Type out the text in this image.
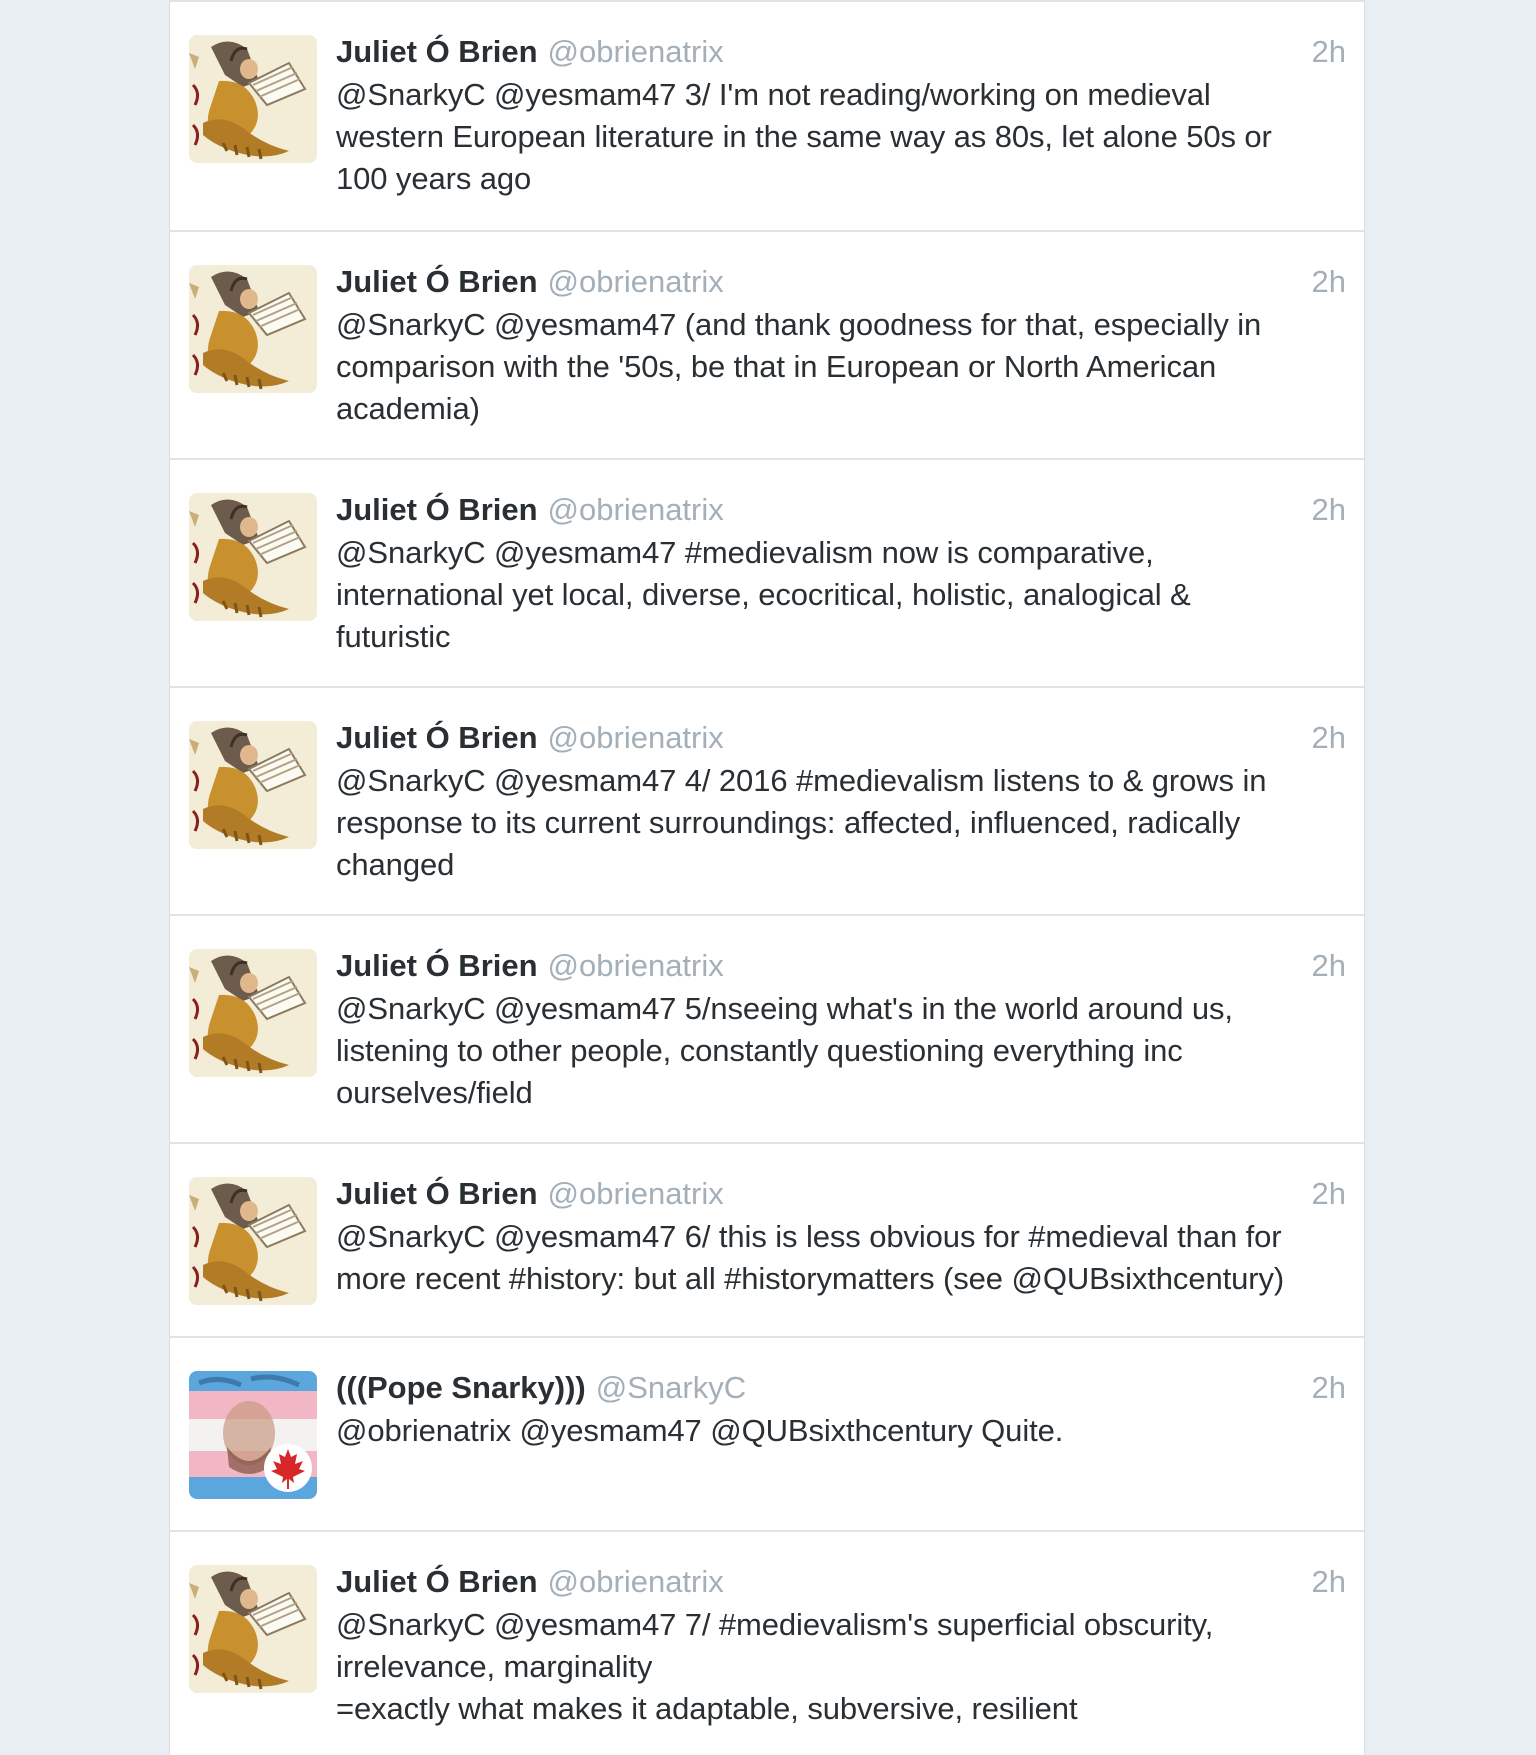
Juliet Ó Brien @obrienatrix	2h
@SnarkyC @yesmam47 3/ I'm not reading/working on medieval
western European literature in the same way as 80s, let alone 50s or
100 years ago
Juliet Ó Brien @obrienatrix	2h
@SnarkyC @yesmam47 (and thank goodness for that, especially in
comparison with the '50s, be that in European or North American
academia)
Juliet Ó Brien @obrienatrix	2h
@SnarkyC @yesmam47 #medievalism now is comparative,
international yet local, diverse, ecocritical, holistic, analogical &
futuristic
Juliet Ó Brien @obrienatrix	2h
@SnarkyC @yesmam47 4/ 2016 #medievalism listens to & grows in
response to its current surroundings: affected, influenced, radically
changed
Juliet Ó Brien @obrienatrix	2h
@SnarkyC @yesmam47 5/nseeing what's in the world around us,
listening to other people, constantly questioning everything inc
ourselves/field
Juliet Ó Brien @obrienatrix	2h
@SnarkyC @yesmam47 6/ this is less obvious for #medieval than for
more recent #history: but all #historymatters (see @QUBsixthcentury)
(((Pope Snarky))) @SnarkyC	2h
@obrienatrix @yesmam47 @QUBsixthcentury Quite.
Juliet Ó Brien @obrienatrix	2h
@SnarkyC @yesmam47 7/ #medievalism's superficial obscurity,
irrelevance, marginality
=exactly what makes it adaptable, subversive, resilient
